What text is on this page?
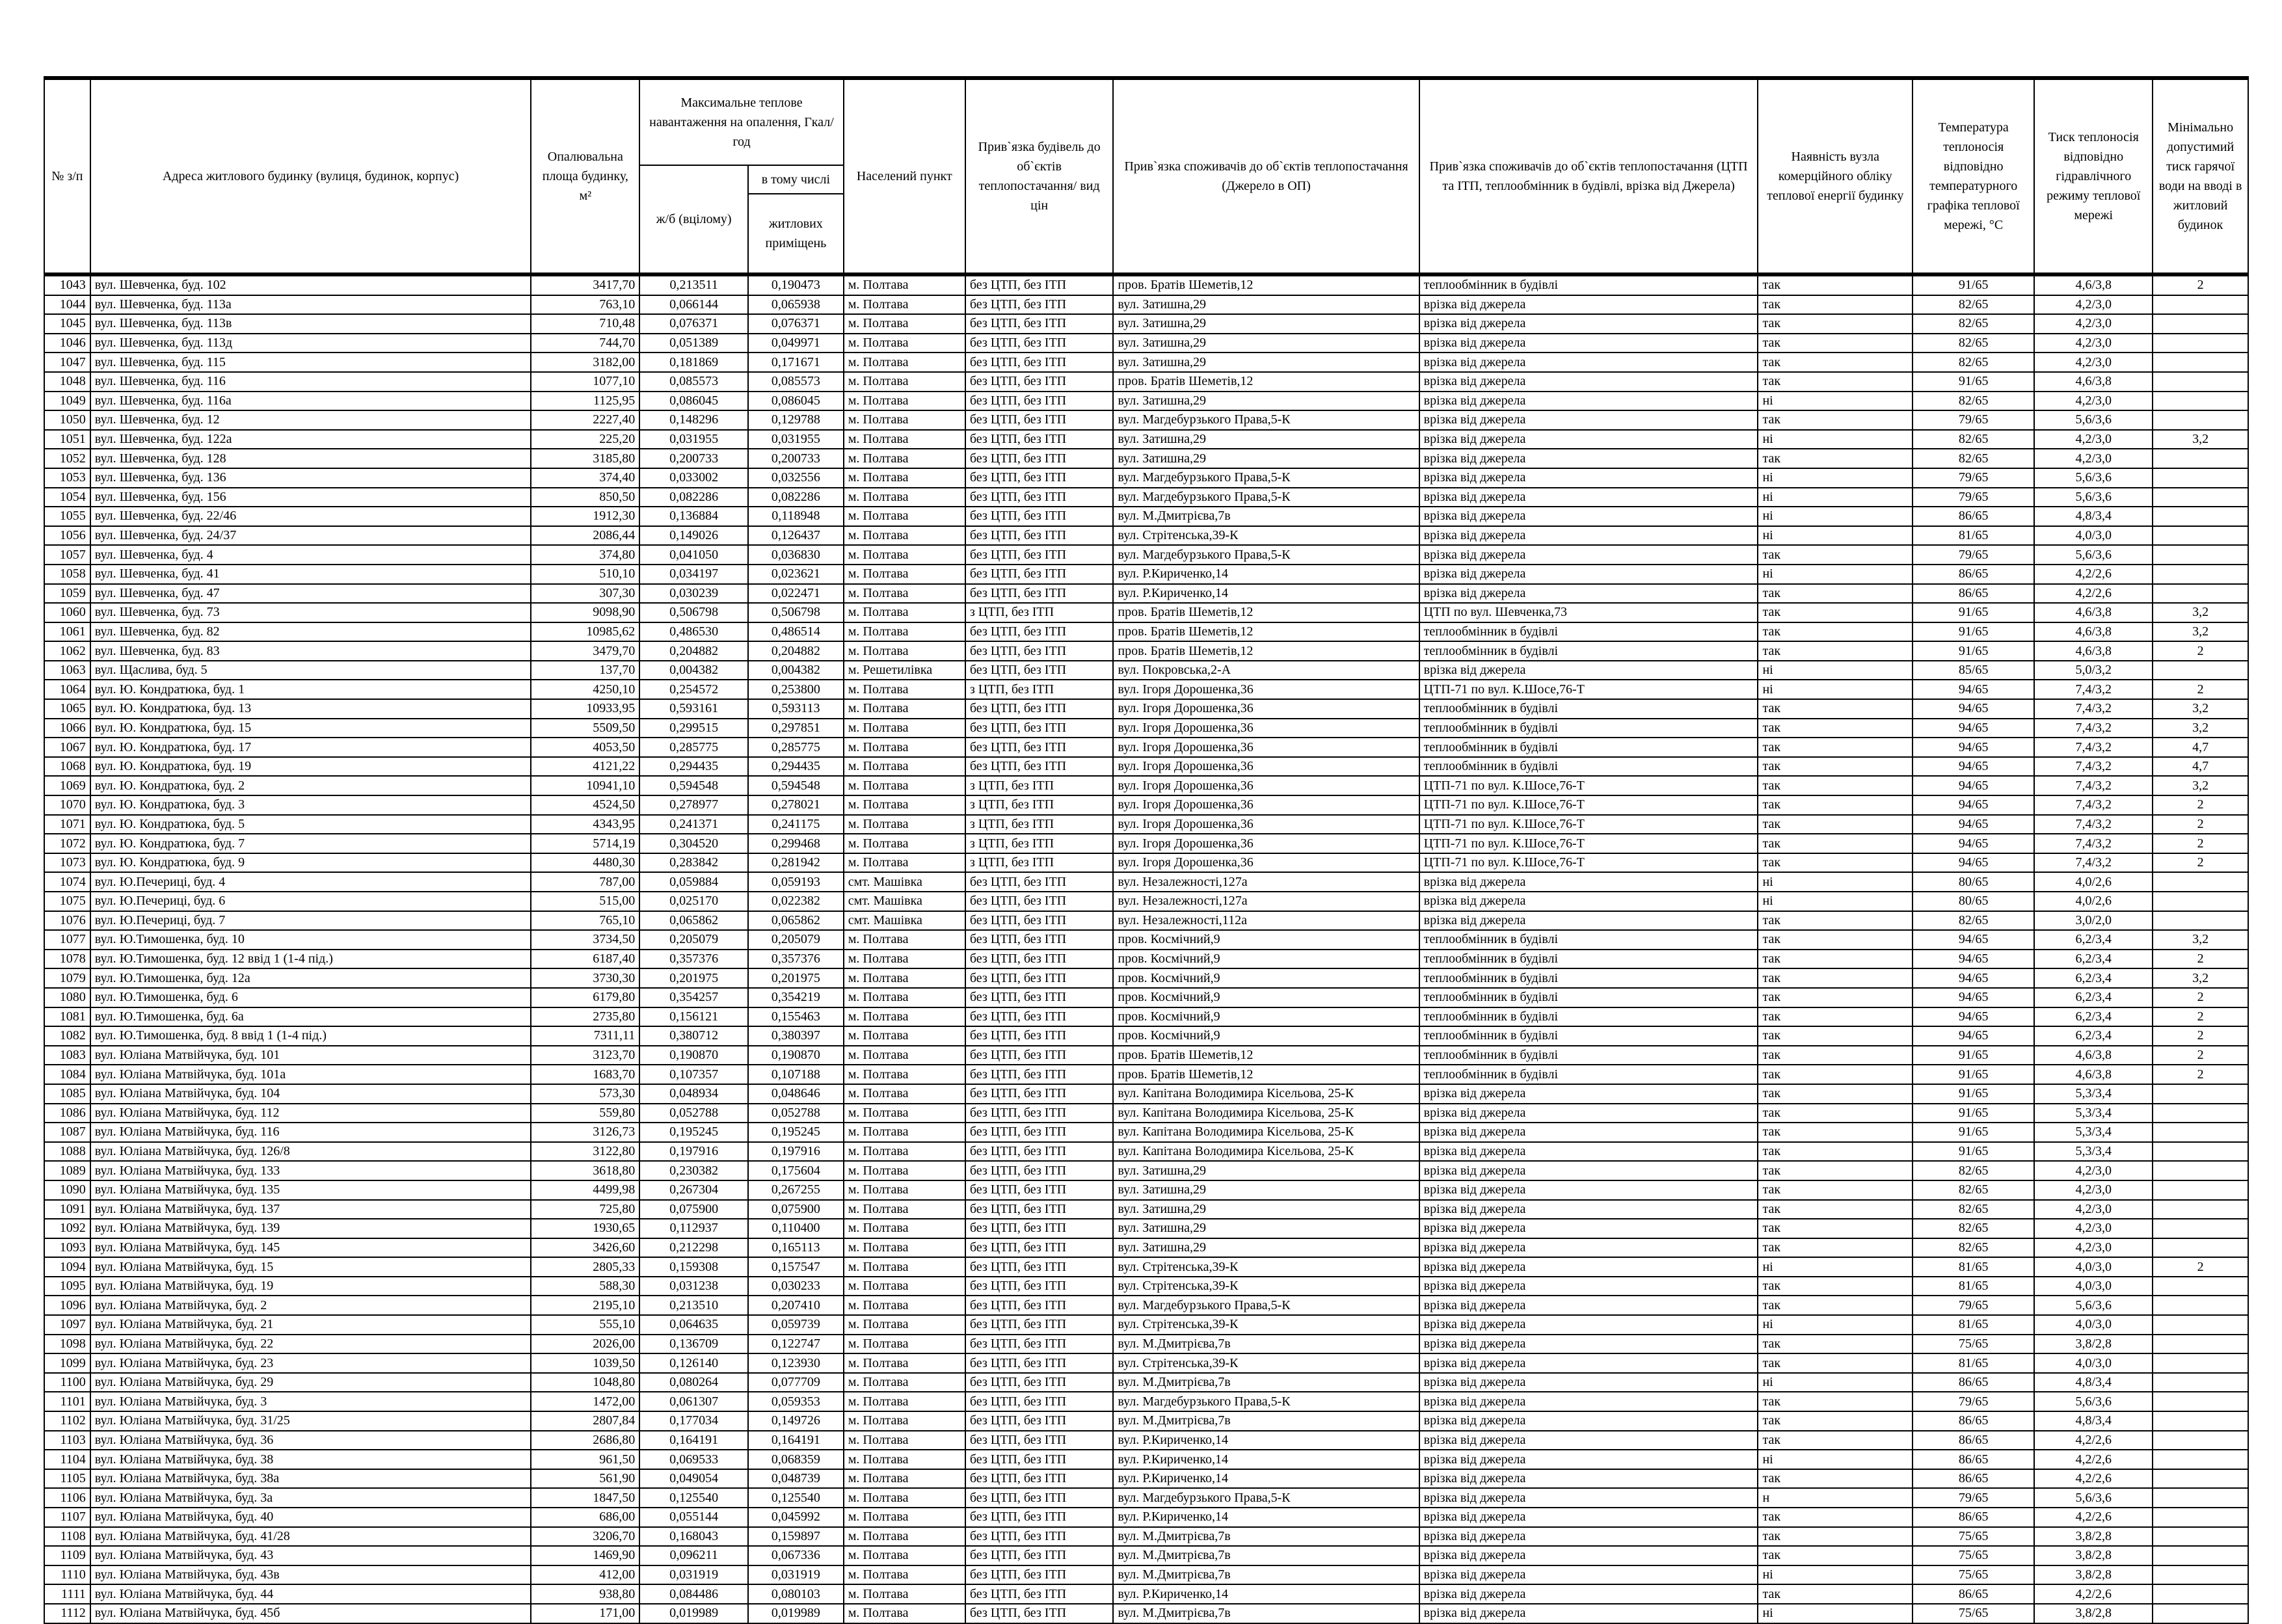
№ з/п	Адреса житлового будинку (вулиця, будинок, корпус)	Опалювальна площа будинку, м²	Максимальне теплове навантаження на опалення, Гкал/год		Населений пункт	Прив`язка будівель до об`єктів теплопостачання/ вид цін	Прив`язка споживачів до об`єктів теплопостачання (Джерело в ОП)	Прив`язка споживачів до об`єктів теплопостачання (ЦТП та ІТП, теплообмінник в будівлі, врізка від Джерела)	Наявність вузла комерційного обліку теплової енергії будинку	Температура теплоносія відповідно температурного графіка теплової мережі, °С	Тиск теплоносія відповідно гідравлічного режиму теплової мережі	Мінімально допустимий тиск гарячої води на вводі в житловий будинок
			ж/б (вцілому)	в тому числі								
				житлових приміщень								
1043	вул. Шевченка, буд. 102	3417,70	0,213511	0,190473	м. Полтава	без ЦТП, без ІТП	пров. Братів Шеметів,12	теплообмінник в будівлі	так	91/65	4,6/3,8	2
1044	вул. Шевченка, буд. 113а	763,10	0,066144	0,065938	м. Полтава	без ЦТП, без ІТП	вул. Затишна,29	врізка від джерела	так	82/65	4,2/3,0	
1045	вул. Шевченка, буд. 113в	710,48	0,076371	0,076371	м. Полтава	без ЦТП, без ІТП	вул. Затишна,29	врізка від джерела	так	82/65	4,2/3,0	
1046	вул. Шевченка, буд. 113д	744,70	0,051389	0,049971	м. Полтава	без ЦТП, без ІТП	вул. Затишна,29	врізка від джерела	так	82/65	4,2/3,0	
1047	вул. Шевченка, буд. 115	3182,00	0,181869	0,171671	м. Полтава	без ЦТП, без ІТП	вул. Затишна,29	врізка від джерела	так	82/65	4,2/3,0	
1048	вул. Шевченка, буд. 116	1077,10	0,085573	0,085573	м. Полтава	без ЦТП, без ІТП	пров. Братів Шеметів,12	врізка від джерела	так	91/65	4,6/3,8	
1049	вул. Шевченка, буд. 116а	1125,95	0,086045	0,086045	м. Полтава	без ЦТП, без ІТП	вул. Затишна,29	врізка від джерела	ні	82/65	4,2/3,0	
1050	вул. Шевченка, буд. 12	2227,40	0,148296	0,129788	м. Полтава	без ЦТП, без ІТП	вул. Магдебурзького Права,5-К	врізка від джерела	так	79/65	5,6/3,6	
1051	вул. Шевченка, буд. 122а	225,20	0,031955	0,031955	м. Полтава	без ЦТП, без ІТП	вул. Затишна,29	врізка від джерела	ні	82/65	4,2/3,0	3,2
1052	вул. Шевченка, буд. 128	3185,80	0,200733	0,200733	м. Полтава	без ЦТП, без ІТП	вул. Затишна,29	врізка від джерела	так	82/65	4,2/3,0	
1053	вул. Шевченка, буд. 136	374,40	0,033002	0,032556	м. Полтава	без ЦТП, без ІТП	вул. Магдебурзького Права,5-К	врізка від джерела	ні	79/65	5,6/3,6	
1054	вул. Шевченка, буд. 156	850,50	0,082286	0,082286	м. Полтава	без ЦТП, без ІТП	вул. Магдебурзького Права,5-К	врізка від джерела	ні	79/65	5,6/3,6	
1055	вул. Шевченка, буд. 22/46	1912,30	0,136884	0,118948	м. Полтава	без ЦТП, без ІТП	вул. М.Дмитрієва,7в	врізка від джерела	ні	86/65	4,8/3,4	
1056	вул. Шевченка, буд. 24/37	2086,44	0,149026	0,126437	м. Полтава	без ЦТП, без ІТП	вул. Стрітенська,39-К	врізка від джерела	ні	81/65	4,0/3,0	
1057	вул. Шевченка, буд. 4	374,80	0,041050	0,036830	м. Полтава	без ЦТП, без ІТП	вул. Магдебурзького Права,5-К	врізка від джерела	так	79/65	5,6/3,6	
1058	вул. Шевченка, буд. 41	510,10	0,034197	0,023621	м. Полтава	без ЦТП, без ІТП	вул. Р.Кириченко,14	врізка від джерела	ні	86/65	4,2/2,6	
1059	вул. Шевченка, буд. 47	307,30	0,030239	0,022471	м. Полтава	без ЦТП, без ІТП	вул. Р.Кириченко,14	врізка від джерела	так	86/65	4,2/2,6	
1060	вул. Шевченка, буд. 73	9098,90	0,506798	0,506798	м. Полтава	з ЦТП, без ІТП	пров. Братів Шеметів,12	ЦТП по вул. Шевченка,73	так	91/65	4,6/3,8	3,2
1061	вул. Шевченка, буд. 82	10985,62	0,486530	0,486514	м. Полтава	без ЦТП, без ІТП	пров. Братів Шеметів,12	теплообмінник в будівлі	так	91/65	4,6/3,8	3,2
1062	вул. Шевченка, буд. 83	3479,70	0,204882	0,204882	м. Полтава	без ЦТП, без ІТП	пров. Братів Шеметів,12	теплообмінник в будівлі	так	91/65	4,6/3,8	2
1063	вул. Щаслива, буд. 5	137,70	0,004382	0,004382	м. Решетилівка	без ЦТП, без ІТП	вул. Покровська,2-А	врізка від джерела	ні	85/65	5,0/3,2	
1064	вул. Ю. Кондратюка, буд. 1	4250,10	0,254572	0,253800	м. Полтава	з ЦТП, без ІТП	вул. Ігоря Дорошенка,36	ЦТП-71 по вул. К.Шосе,76-Т	ні	94/65	7,4/3,2	2
1065	вул. Ю. Кондратюка, буд. 13	10933,95	0,593161	0,593113	м. Полтава	без ЦТП, без ІТП	вул. Ігоря Дорошенка,36	теплообмінник в будівлі	так	94/65	7,4/3,2	3,2
1066	вул. Ю. Кондратюка, буд. 15	5509,50	0,299515	0,297851	м. Полтава	без ЦТП, без ІТП	вул. Ігоря Дорошенка,36	теплообмінник в будівлі	так	94/65	7,4/3,2	3,2
1067	вул. Ю. Кондратюка, буд. 17	4053,50	0,285775	0,285775	м. Полтава	без ЦТП, без ІТП	вул. Ігоря Дорошенка,36	теплообмінник в будівлі	так	94/65	7,4/3,2	4,7
1068	вул. Ю. Кондратюка, буд. 19	4121,22	0,294435	0,294435	м. Полтава	без ЦТП, без ІТП	вул. Ігоря Дорошенка,36	теплообмінник в будівлі	так	94/65	7,4/3,2	4,7
1069	вул. Ю. Кондратюка, буд. 2	10941,10	0,594548	0,594548	м. Полтава	з ЦТП, без ІТП	вул. Ігоря Дорошенка,36	ЦТП-71 по вул. К.Шосе,76-Т	так	94/65	7,4/3,2	3,2
1070	вул. Ю. Кондратюка, буд. 3	4524,50	0,278977	0,278021	м. Полтава	з ЦТП, без ІТП	вул. Ігоря Дорошенка,36	ЦТП-71 по вул. К.Шосе,76-Т	так	94/65	7,4/3,2	2
1071	вул. Ю. Кондратюка, буд. 5	4343,95	0,241371	0,241175	м. Полтава	з ЦТП, без ІТП	вул. Ігоря Дорошенка,36	ЦТП-71 по вул. К.Шосе,76-Т	так	94/65	7,4/3,2	2
1072	вул. Ю. Кондратюка, буд. 7	5714,19	0,304520	0,299468	м. Полтава	з ЦТП, без ІТП	вул. Ігоря Дорошенка,36	ЦТП-71 по вул. К.Шосе,76-Т	так	94/65	7,4/3,2	2
1073	вул. Ю. Кондратюка, буд. 9	4480,30	0,283842	0,281942	м. Полтава	з ЦТП, без ІТП	вул. Ігоря Дорошенка,36	ЦТП-71 по вул. К.Шосе,76-Т	так	94/65	7,4/3,2	2
1074	вул. Ю.Печериці, буд. 4	787,00	0,059884	0,059193	смт. Машівка	без ЦТП, без ІТП	вул. Незалежності,127а	врізка від джерела	ні	80/65	4,0/2,6	
1075	вул. Ю.Печериці, буд. 6	515,00	0,025170	0,022382	смт. Машівка	без ЦТП, без ІТП	вул. Незалежності,127а	врізка від джерела	ні	80/65	4,0/2,6	
1076	вул. Ю.Печериці, буд. 7	765,10	0,065862	0,065862	смт. Машівка	без ЦТП, без ІТП	вул. Незалежності,112а	врізка від джерела	так	82/65	3,0/2,0	
1077	вул. Ю.Тимошенка, буд. 10	3734,50	0,205079	0,205079	м. Полтава	без ЦТП, без ІТП	пров. Космічний,9	теплообмінник в будівлі	так	94/65	6,2/3,4	3,2
1078	вул. Ю.Тимошенка, буд. 12 ввід 1 (1-4 під.)	6187,40	0,357376	0,357376	м. Полтава	без ЦТП, без ІТП	пров. Космічний,9	теплообмінник в будівлі	так	94/65	6,2/3,4	2
1079	вул. Ю.Тимошенка, буд. 12а	3730,30	0,201975	0,201975	м. Полтава	без ЦТП, без ІТП	пров. Космічний,9	теплообмінник в будівлі	так	94/65	6,2/3,4	3,2
1080	вул. Ю.Тимошенка, буд. 6	6179,80	0,354257	0,354219	м. Полтава	без ЦТП, без ІТП	пров. Космічний,9	теплообмінник в будівлі	так	94/65	6,2/3,4	2
1081	вул. Ю.Тимошенка, буд. 6а	2735,80	0,156121	0,155463	м. Полтава	без ЦТП, без ІТП	пров. Космічний,9	теплообмінник в будівлі	так	94/65	6,2/3,4	2
1082	вул. Ю.Тимошенка, буд. 8 ввід 1 (1-4 під.)	7311,11	0,380712	0,380397	м. Полтава	без ЦТП, без ІТП	пров. Космічний,9	теплообмінник в будівлі	так	94/65	6,2/3,4	2
1083	вул. Юліана Матвійчука, буд. 101	3123,70	0,190870	0,190870	м. Полтава	без ЦТП, без ІТП	пров. Братів Шеметів,12	теплообмінник в будівлі	так	91/65	4,6/3,8	2
1084	вул. Юліана Матвійчука, буд. 101а	1683,70	0,107357	0,107188	м. Полтава	без ЦТП, без ІТП	пров. Братів Шеметів,12	теплообмінник в будівлі	так	91/65	4,6/3,8	2
1085	вул. Юліана Матвійчука, буд. 104	573,30	0,048934	0,048646	м. Полтава	без ЦТП, без ІТП	вул. Капітана Володимира Кісельова, 25-К	врізка від джерела	так	91/65	5,3/3,4	
1086	вул. Юліана Матвійчука, буд. 112	559,80	0,052788	0,052788	м. Полтава	без ЦТП, без ІТП	вул. Капітана Володимира Кісельова, 25-К	врізка від джерела	так	91/65	5,3/3,4	
1087	вул. Юліана Матвійчука, буд. 116	3126,73	0,195245	0,195245	м. Полтава	без ЦТП, без ІТП	вул. Капітана Володимира Кісельова, 25-К	врізка від джерела	так	91/65	5,3/3,4	
1088	вул. Юліана Матвійчука, буд. 126/8	3122,80	0,197916	0,197916	м. Полтава	без ЦТП, без ІТП	вул. Капітана Володимира Кісельова, 25-К	врізка від джерела	так	91/65	5,3/3,4	
1089	вул. Юліана Матвійчука, буд. 133	3618,80	0,230382	0,175604	м. Полтава	без ЦТП, без ІТП	вул. Затишна,29	врізка від джерела	так	82/65	4,2/3,0	
1090	вул. Юліана Матвійчука, буд. 135	4499,98	0,267304	0,267255	м. Полтава	без ЦТП, без ІТП	вул. Затишна,29	врізка від джерела	так	82/65	4,2/3,0	
1091	вул. Юліана Матвійчука, буд. 137	725,80	0,075900	0,075900	м. Полтава	без ЦТП, без ІТП	вул. Затишна,29	врізка від джерела	так	82/65	4,2/3,0	
1092	вул. Юліана Матвійчука, буд. 139	1930,65	0,112937	0,110400	м. Полтава	без ЦТП, без ІТП	вул. Затишна,29	врізка від джерела	так	82/65	4,2/3,0	
1093	вул. Юліана Матвійчука, буд. 145	3426,60	0,212298	0,165113	м. Полтава	без ЦТП, без ІТП	вул. Затишна,29	врізка від джерела	так	82/65	4,2/3,0	
1094	вул. Юліана Матвійчука, буд. 15	2805,33	0,159308	0,157547	м. Полтава	без ЦТП, без ІТП	вул. Стрітенська,39-К	врізка від джерела	ні	81/65	4,0/3,0	2
1095	вул. Юліана Матвійчука, буд. 19	588,30	0,031238	0,030233	м. Полтава	без ЦТП, без ІТП	вул. Стрітенська,39-К	врізка від джерела	так	81/65	4,0/3,0	
1096	вул. Юліана Матвійчука, буд. 2	2195,10	0,213510	0,207410	м. Полтава	без ЦТП, без ІТП	вул. Магдебурзького Права,5-К	врізка від джерела	так	79/65	5,6/3,6	
1097	вул. Юліана Матвійчука, буд. 21	555,10	0,064635	0,059739	м. Полтава	без ЦТП, без ІТП	вул. Стрітенська,39-К	врізка від джерела	ні	81/65	4,0/3,0	
1098	вул. Юліана Матвійчука, буд. 22	2026,00	0,136709	0,122747	м. Полтава	без ЦТП, без ІТП	вул. М.Дмитрієва,7в	врізка від джерела	так	75/65	3,8/2,8	
1099	вул. Юліана Матвійчука, буд. 23	1039,50	0,126140	0,123930	м. Полтава	без ЦТП, без ІТП	вул. Стрітенська,39-К	врізка від джерела	так	81/65	4,0/3,0	
1100	вул. Юліана Матвійчука, буд. 29	1048,80	0,080264	0,077709	м. Полтава	без ЦТП, без ІТП	вул. М.Дмитрієва,7в	врізка від джерела	ні	86/65	4,8/3,4	
1101	вул. Юліана Матвійчука, буд. 3	1472,00	0,061307	0,059353	м. Полтава	без ЦТП, без ІТП	вул. Магдебурзького Права,5-К	врізка від джерела	так	79/65	5,6/3,6	
1102	вул. Юліана Матвійчука, буд. 31/25	2807,84	0,177034	0,149726	м. Полтава	без ЦТП, без ІТП	вул. М.Дмитрієва,7в	врізка від джерела	так	86/65	4,8/3,4	
1103	вул. Юліана Матвійчука, буд. 36	2686,80	0,164191	0,164191	м. Полтава	без ЦТП, без ІТП	вул. Р.Кириченко,14	врізка від джерела	так	86/65	4,2/2,6	
1104	вул. Юліана Матвійчука, буд. 38	961,50	0,069533	0,068359	м. Полтава	без ЦТП, без ІТП	вул. Р.Кириченко,14	врізка від джерела	ні	86/65	4,2/2,6	
1105	вул. Юліана Матвійчука, буд. 38а	561,90	0,049054	0,048739	м. Полтава	без ЦТП, без ІТП	вул. Р.Кириченко,14	врізка від джерела	так	86/65	4,2/2,6	
1106	вул. Юліана Матвійчука, буд. 3а	1847,50	0,125540	0,125540	м. Полтава	без ЦТП, без ІТП	вул. Магдебурзького Права,5-К	врізка від джерела	н	79/65	5,6/3,6	
1107	вул. Юліана Матвійчука, буд. 40	686,00	0,055144	0,045992	м. Полтава	без ЦТП, без ІТП	вул. Р.Кириченко,14	врізка від джерела	так	86/65	4,2/2,6	
1108	вул. Юліана Матвійчука, буд. 41/28	3206,70	0,168043	0,159897	м. Полтава	без ЦТП, без ІТП	вул. М.Дмитрієва,7в	врізка від джерела	так	75/65	3,8/2,8	
1109	вул. Юліана Матвійчука, буд. 43	1469,90	0,096211	0,067336	м. Полтава	без ЦТП, без ІТП	вул. М.Дмитрієва,7в	врізка від джерела	так	75/65	3,8/2,8	
1110	вул. Юліана Матвійчука, буд. 43в	412,00	0,031919	0,031919	м. Полтава	без ЦТП, без ІТП	вул. М.Дмитрієва,7в	врізка від джерела	ні	75/65	3,8/2,8	
1111	вул. Юліана Матвійчука, буд. 44	938,80	0,084486	0,080103	м. Полтава	без ЦТП, без ІТП	вул. Р.Кириченко,14	врізка від джерела	так	86/65	4,2/2,6	
1112	вул. Юліана Матвійчука, буд. 45б	171,00	0,019989	0,019989	м. Полтава	без ЦТП, без ІТП	вул. М.Дмитрієва,7в	врізка від джерела	ні	75/65	3,8/2,8	
